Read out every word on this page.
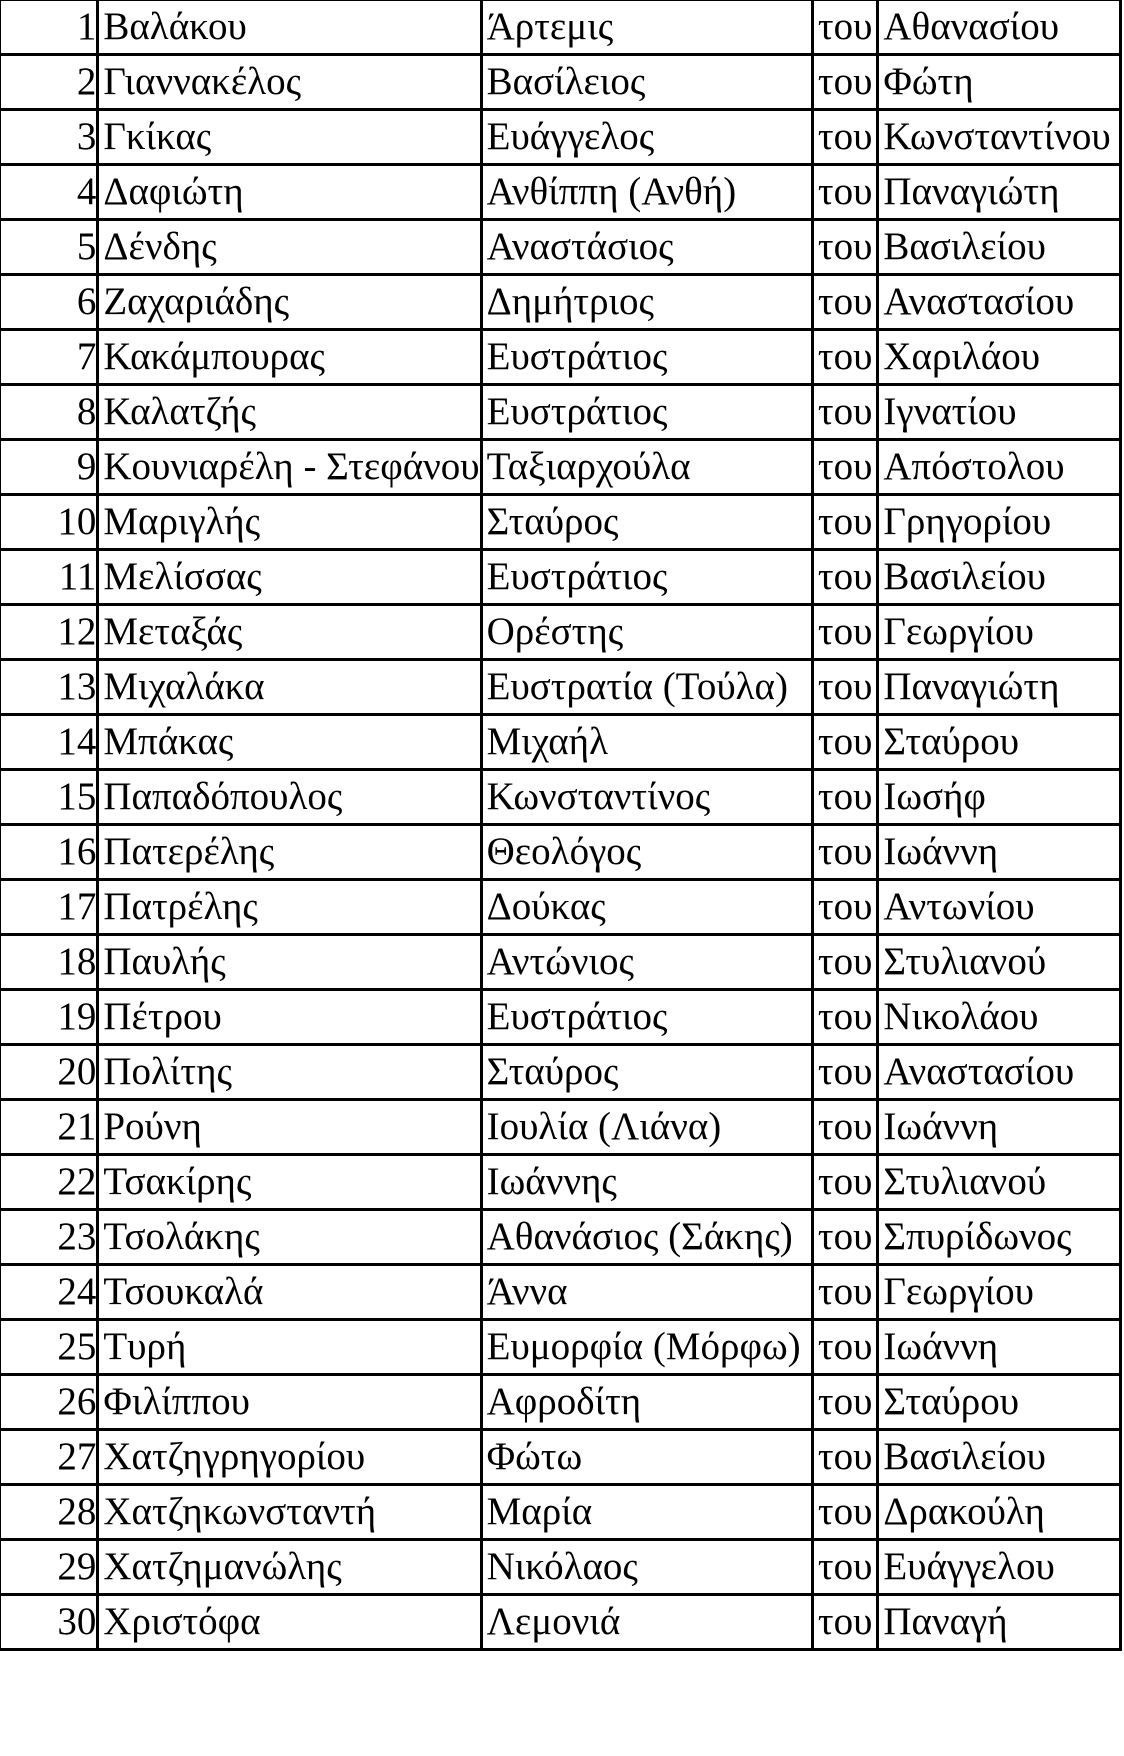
1	Βαλάκου	Άρτεμις	του	Αθανασίου
2	Γιαννακέλος	Βασίλειος	του	Φώτη
3	Γκίκας	Ευάγγελος	του	Κωνσταντίνου
4	Δαφιώτη	Ανθίππη (Ανθή)	του	Παναγιώτη
5	Δένδης	Αναστάσιος	του	Βασιλείου
6	Ζαχαριάδης	Δημήτριος	του	Αναστασίου
7	Κακάμπουρας	Ευστράτιος	του	Χαριλάου
8	Καλατζής	Ευστράτιος	του	Ιγνατίου
9	Κουνιαρέλη - Στεφάνου	Ταξιαρχούλα	του	Απόστολου
10	Μαριγλής	Σταύρος	του	Γρηγορίου
11	Μελίσσας	Ευστράτιος	του	Βασιλείου
12	Μεταξάς	Ορέστης	του	Γεωργίου
13	Μιχαλάκα	Ευστρατία (Τούλα)	του	Παναγιώτη
14	Μπάκας	Μιχαήλ	του	Σταύρου
15	Παπαδόπουλος	Κωνσταντίνος	του	Ιωσήφ
16	Πατερέλης	Θεολόγος	του	Ιωάννη
17	Πατρέλης	Δούκας	του	Αντωνίου
18	Παυλής	Αντώνιος	του	Στυλιανού
19	Πέτρου	Ευστράτιος	του	Νικολάου
20	Πολίτης	Σταύρος	του	Αναστασίου
21	Ρούνη	Ιουλία (Λιάνα)	του	Ιωάννη
22	Τσακίρης	Ιωάννης	του	Στυλιανού
23	Τσολάκης	Αθανάσιος (Σάκης)	του	Σπυρίδωνος
24	Τσουκαλά	Άννα	του	Γεωργίου
25	Τυρή	Ευμορφία (Μόρφω)	του	Ιωάννη
26	Φιλίππου	Αφροδίτη	του	Σταύρου
27	Χατζηγρηγορίου	Φώτω	του	Βασιλείου
28	Χατζηκωνσταντή	Μαρία	του	Δρακούλη
29	Χατζημανώλης	Νικόλαος	του	Ευάγγελου
30	Χριστόφα	Λεμονιά	του	Παναγή
